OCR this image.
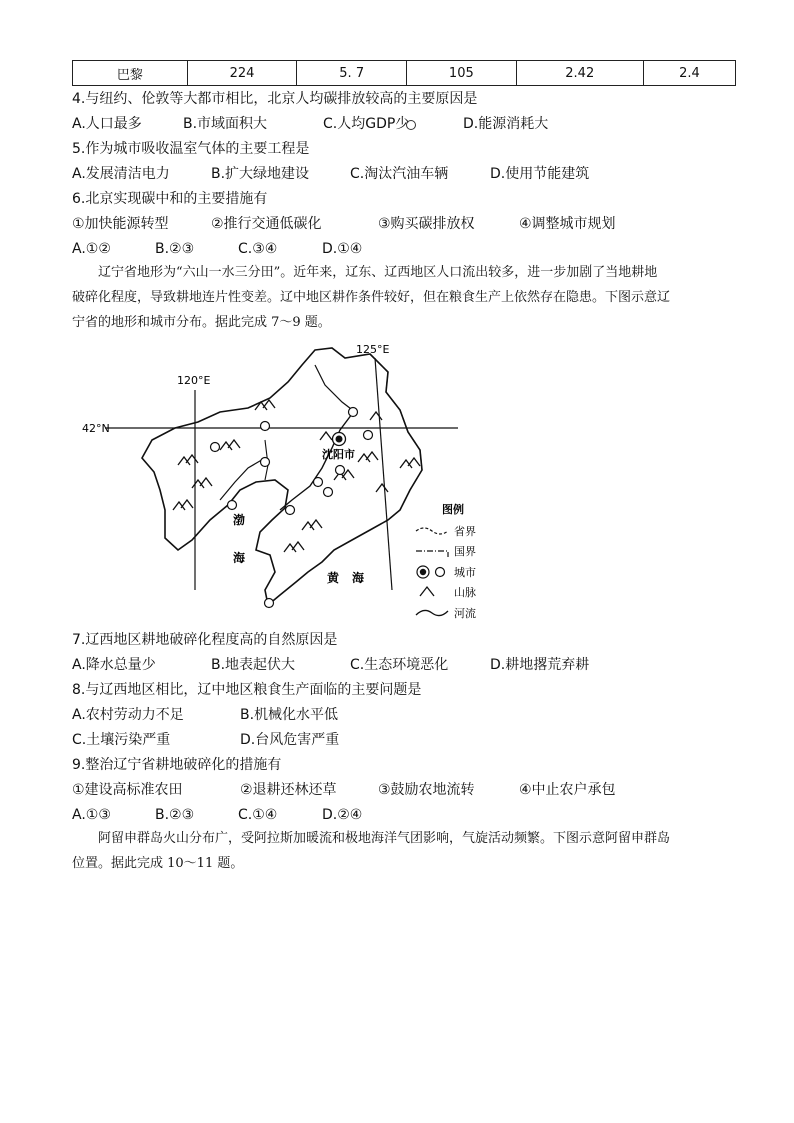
巴黎	224	5. 7	105	2.42	2.4
4.与纽约、伦敦等大都市相比，北京人均碳排放较高的主要原因是
A.人口最多	B.市域面积大	C.人均GDP少	D.能源消耗大
5.作为城市吸收温室气体的主要工程是
A.发展清洁电力	B.扩大绿地建设	C.淘汰汽油车辆	D.使用节能建筑
6.北京实现碳中和的主要措施有
①加快能源转型	②推行交通低碳化	③购买碳排放权	④调整城市规划
A.①②	B.②③	C.③④	D.①④
辽宁省地形为“六山一水三分田”。近年来，辽东、辽西地区人口流出较多，进一步加剧了当地耕地
破碎化程度，导致耕地连片性变差。辽中地区耕作条件较好，但在粮食生产上依然存在隐患。下图示意辽
宁省的地形和城市分布。据此完成 7～9 题。
120°E
125°E
42°N
沈阳市
渤
海
黄 海
图例
省界
国界
城市
山脉
河流
7.辽西地区耕地破碎化程度高的自然原因是
A.降水总量少	B.地表起伏大	C.生态环境恶化	D.耕地撂荒弃耕
8.与辽西地区相比，辽中地区粮食生产面临的主要问题是
A.农村劳动力不足	B.机械化水平低
C.土壤污染严重	D.台风危害严重
9.整治辽宁省耕地破碎化的措施有
①建设高标准农田	②退耕还林还草	③鼓励农地流转	④中止农户承包
A.①③	B.②③	C.①④	D.②④
阿留申群岛火山分布广，受阿拉斯加暖流和极地海洋气团影响，气旋活动频繁。下图示意阿留申群岛
位置。据此完成 10～11 题。
